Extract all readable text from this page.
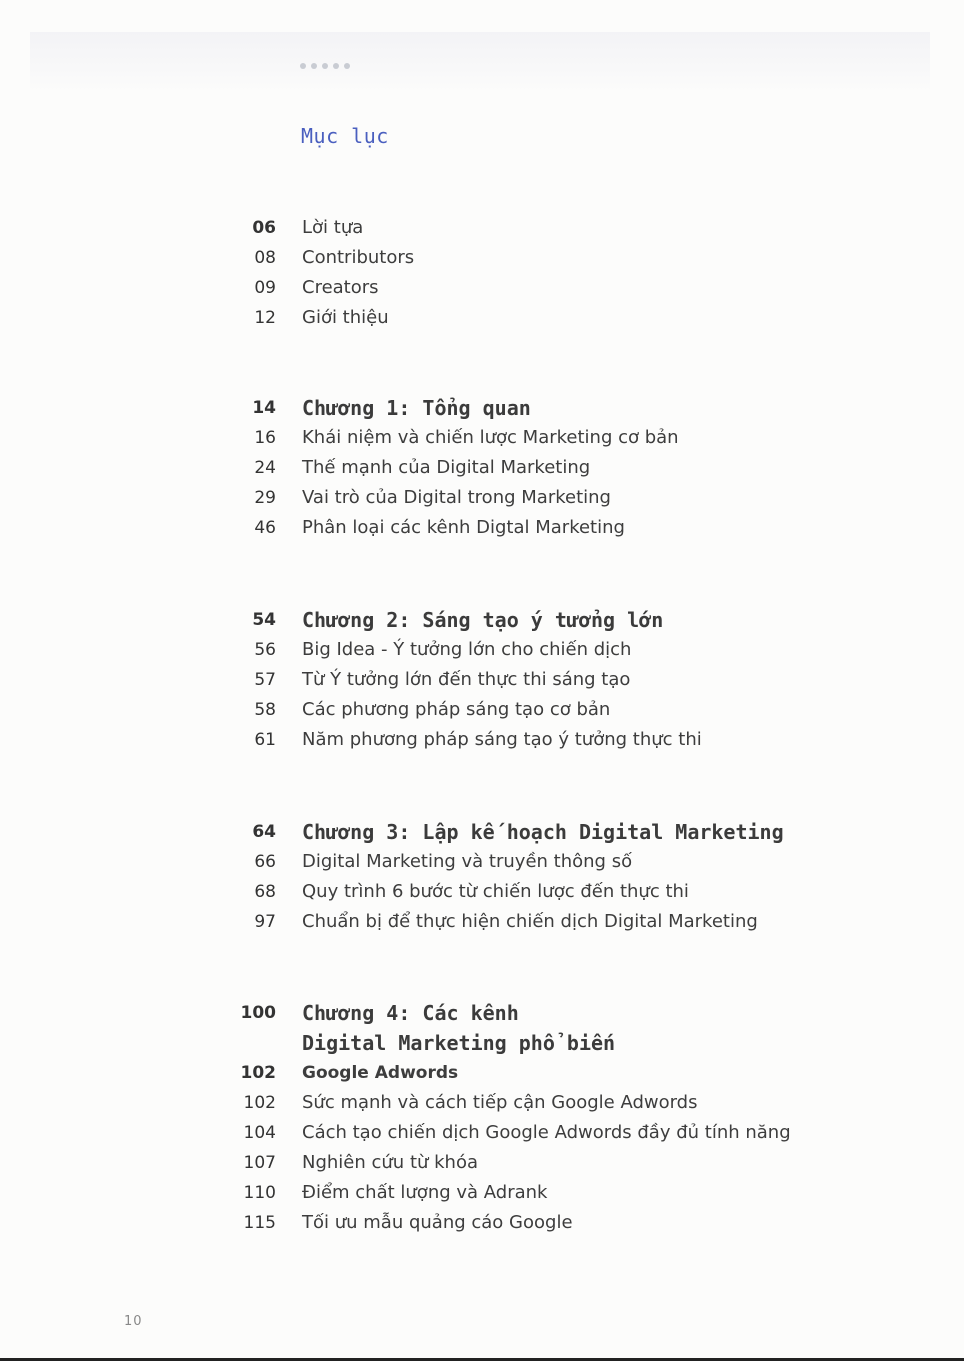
Mục lục
06 Lời tựa
08 Contributors
09 Creators
12 Giới thiệu
14 Chương 1: Tổng quan
16 Khái niệm và chiến lược Marketing cơ bản
24 Thế mạnh của Digital Marketing
29 Vai trò của Digital trong Marketing
46 Phân loại các kênh Digtal Marketing
54 Chương 2: Sáng tạo ý tưởng lớn
56 Big Idea - Ý tưởng lớn cho chiến dịch
57 Từ Ý tưởng lớn đến thực thi sáng tạo
58 Các phương pháp sáng tạo cơ bản
61 Năm phương pháp sáng tạo ý tưởng thực thi
64 Chương 3: Lập kế hoạch Digital Marketing
66 Digital Marketing và truyền thông số
68 Quy trình 6 bước từ chiến lược đến thực thi
97 Chuẩn bị để thực hiện chiến dịch Digital Marketing
100 Chương 4: Các kênh
Digital Marketing phổ biến
102 Google Adwords
102 Sức mạnh và cách tiếp cận Google Adwords
104 Cách tạo chiến dịch Google Adwords đầy đủ tính năng
107 Nghiên cứu từ khóa
110 Điểm chất lượng và Adrank
115 Tối ưu mẫu quảng cáo Google
10
